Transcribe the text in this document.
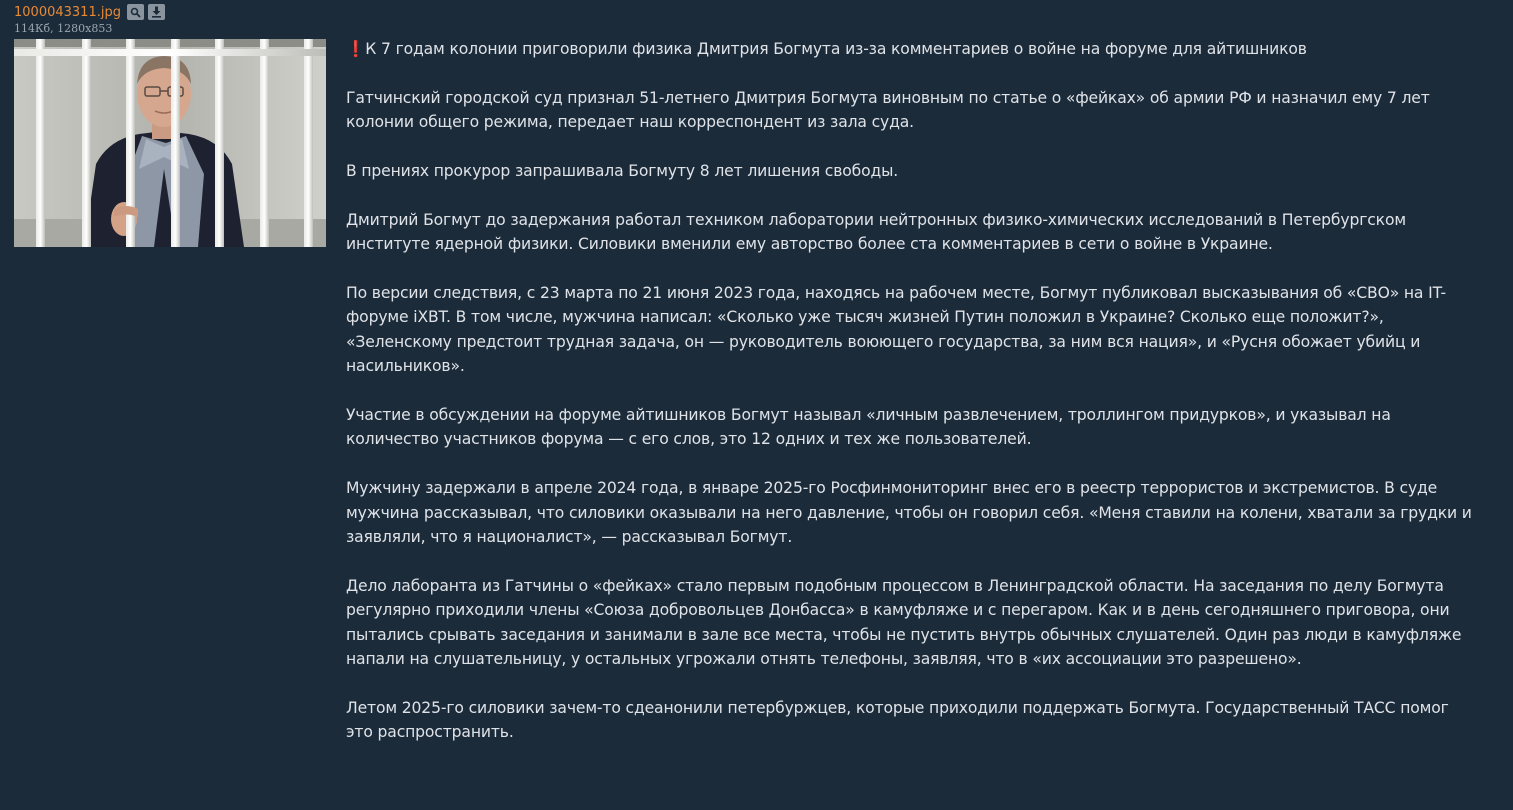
1000043311.jpg
114Кб, 1280x853

❗К 7 годам колонии приговорили физика Дмитрия Богмута из-за комментариев о войне на форуме для айтишников

Гатчинский городской суд признал 51-летнего Дмитрия Богмута виновным по статье о «фейках» об армии РФ и назначил ему 7 лет колонии общего режима, передает наш корреспондент из зала суда.

В прениях прокурор запрашивала Богмуту 8 лет лишения свободы.

Дмитрий Богмут до задержания работал техником лаборатории нейтронных физико-химических исследований в Петербургском институте ядерной физики. Силовики вменили ему авторство более ста комментариев в сети о войне в Украине.

По версии следствия, с 23 марта по 21 июня 2023 года, находясь на рабочем месте, Богмут публиковал высказывания об «СВО» на IT-форуме iXBT. В том числе, мужчина написал: «Сколько уже тысяч жизней Путин положил в Украине? Сколько еще положит?», «Зеленскому предстоит трудная задача, он — руководитель воюющего государства, за ним вся нация», и «Русня обожает убийц и насильников».

Участие в обсуждении на форуме айтишников Богмут называл «личным развлечением, троллингом придурков», и указывал на количество участников форума — с его слов, это 12 одних и тех же пользователей.

Мужчину задержали в апреле 2024 года, в январе 2025-го Росфинмониторинг внес его в реестр террористов и экстремистов. В суде мужчина рассказывал, что силовики оказывали на него давление, чтобы он говорил себя. «Меня ставили на колени, хватали за грудки и заявляли, что я националист», — рассказывал Богмут.

Дело лаборанта из Гатчины о «фейках» стало первым подобным процессом в Ленинградской области. На заседания по делу Богмута регулярно приходили члены «Союза добровольцев Донбасса» в камуфляже и с перегаром. Как и в день сегодняшнего приговора, они пытались срывать заседания и занимали в зале все места, чтобы не пустить внутрь обычных слушателей. Один раз люди в камуфляже напали на слушательницу, у остальных угрожали отнять телефоны, заявляя, что в «их ассоциации это разрешено».

Летом 2025-го силовики зачем-то сдеанонили петербуржцев, которые приходили поддержать Богмута. Государственный ТАСС помог это распространить.
